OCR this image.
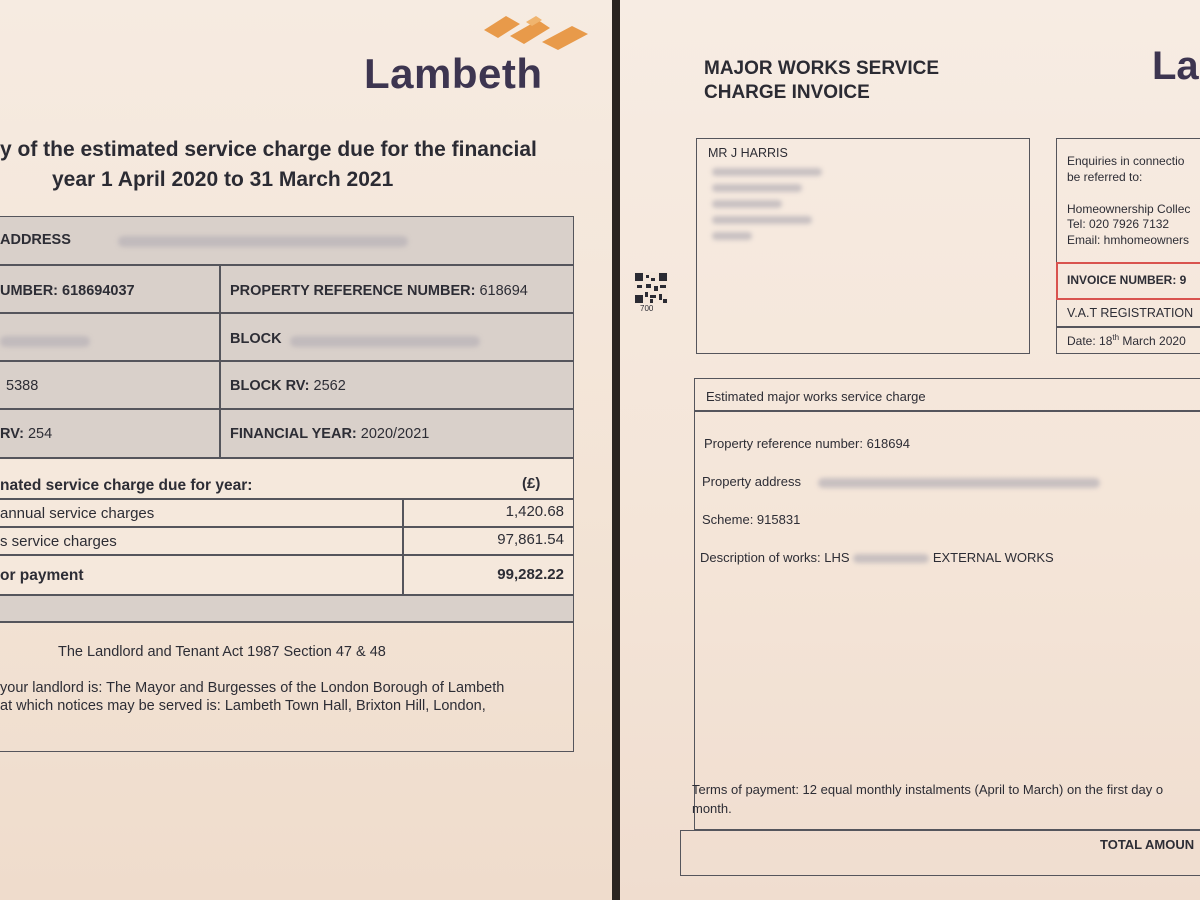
Lambeth
y of the estimated service charge due for the financial
year 1 April 2020 to 31 March 2021
ADDRESS
UMBER: 618694037	PROPERTY REFERENCE NUMBER: 618694
BLOCK
5388	BLOCK RV: 2562
RV: 254	FINANCIAL YEAR: 2020/2021
nated service charge due for year:	(£)
annual service charges	1,420.68
s service charges	97,861.54
or payment	99,282.22
The Landlord and Tenant Act 1987 Section 47 & 48
your landlord is: The Mayor and Burgesses of the London Borough of Lambeth
at which notices may be served is: Lambeth Town Hall, Brixton Hill, London,
La
MAJOR WORKS SERVICE
CHARGE INVOICE
MR J HARRIS
700
Enquiries in connectio
be referred to:
Homeownership Collec
Tel: 020 7926 7132
Email: hmhomeowners
INVOICE NUMBER: 9
V.A.T REGISTRATION
Date: 18th March 2020
Estimated major works service charge
Property reference number: 618694
Property address
Scheme: 915831
Description of works: LHS	EXTERNAL WORKS
Terms of payment: 12 equal monthly instalments (April to March) on the first day o
month.
TOTAL AMOUN
